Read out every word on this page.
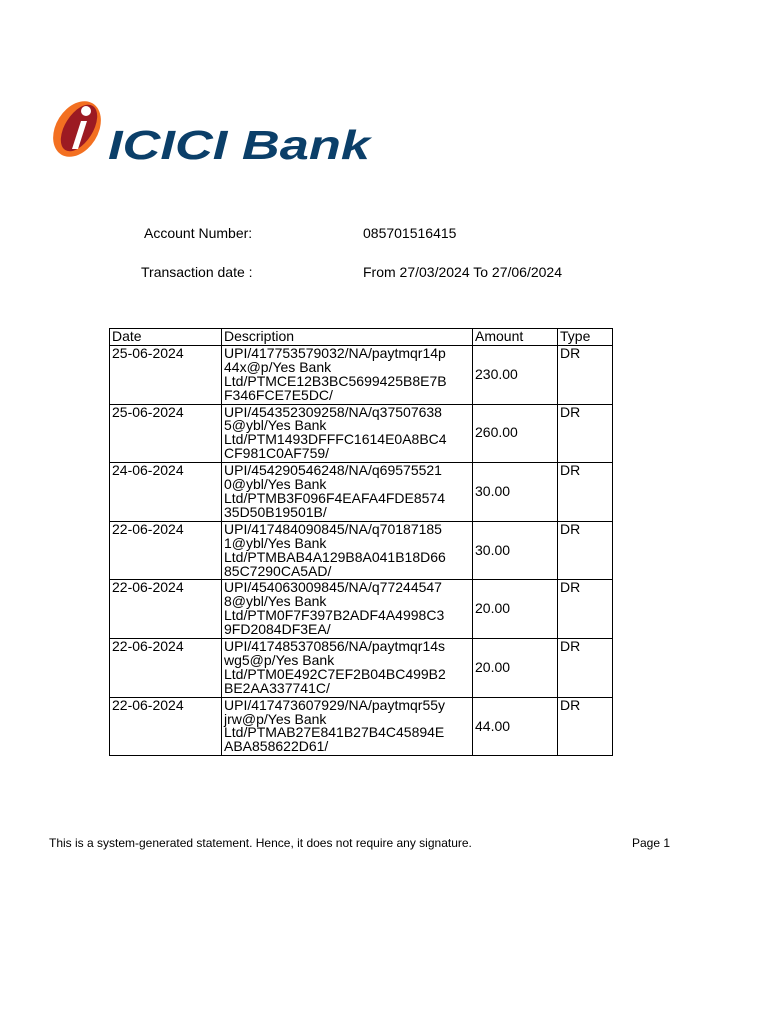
ICICI Bank
Account Number:	085701516415
Transaction date :	From 27/03/2024 To 27/06/2024
Date	Description	Amount	Type
25-06-2024	UPI/417753579032/NA/paytmqr14p
44x@p/Yes Bank
Ltd/PTMCE12B3BC5699425B8E7B
F346FCE7E5DC/	230.00	DR
25-06-2024	UPI/454352309258/NA/q37507638
5@ybl/Yes Bank
Ltd/PTM1493DFFFC1614E0A8BC4
CF981C0AF759/	260.00	DR
24-06-2024	UPI/454290546248/NA/q69575521
0@ybl/Yes Bank
Ltd/PTMB3F096F4EAFA4FDE8574
35D50B19501B/	30.00	DR
22-06-2024	UPI/417484090845/NA/q70187185
1@ybl/Yes Bank
Ltd/PTMBAB4A129B8A041B18D66
85C7290CA5AD/	30.00	DR
22-06-2024	UPI/454063009845/NA/q77244547
8@ybl/Yes Bank
Ltd/PTM0F7F397B2ADF4A4998C3
9FD2084DF3EA/	20.00	DR
22-06-2024	UPI/417485370856/NA/paytmqr14s
wg5@p/Yes Bank
Ltd/PTM0E492C7EF2B04BC499B2
BE2AA337741C/	20.00	DR
22-06-2024	UPI/417473607929/NA/paytmqr55y
jrw@p/Yes Bank
Ltd/PTMAB27E841B27B4C45894E
ABA858622D61/	44.00	DR
This is a system-generated statement. Hence, it does not require any signature.	Page 1
